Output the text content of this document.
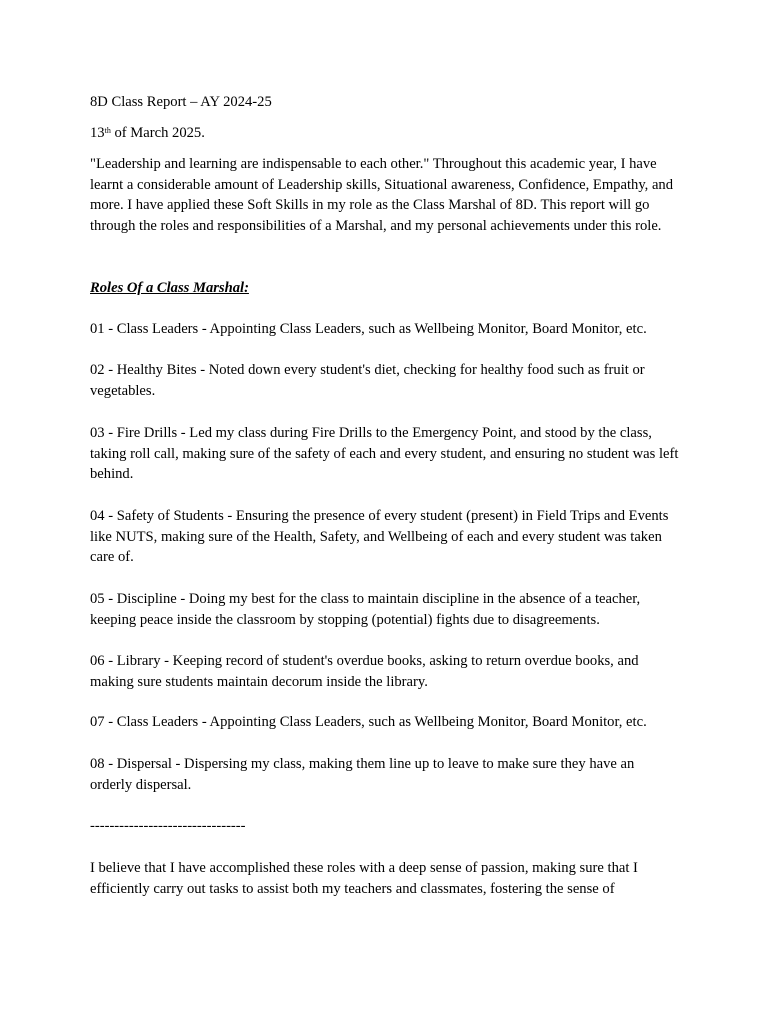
8D Class Report – AY 2024-25

13th of March 2025.

"Leadership and learning are indispensable to each other." Throughout this academic year, I have learnt a considerable amount of Leadership skills, Situational awareness, Confidence, Empathy, and more. I have applied these Soft Skills in my role as the Class Marshal of 8D. This report will go through the roles and responsibilities of a Marshal, and my personal achievements under this role.

Roles Of a Class Marshal:

01 - Class Leaders - Appointing Class Leaders, such as Wellbeing Monitor, Board Monitor, etc.

02 - Healthy Bites - Noted down every student's diet, checking for healthy food such as fruit or vegetables.

03 - Fire Drills - Led my class during Fire Drills to the Emergency Point, and stood by the class, taking roll call, making sure of the safety of each and every student, and ensuring no student was left behind.

04 - Safety of Students - Ensuring the presence of every student (present) in Field Trips and Events like NUTS, making sure of the Health, Safety, and Wellbeing of each and every student was taken care of.

05 - Discipline - Doing my best for the class to maintain discipline in the absence of a teacher, keeping peace inside the classroom by stopping (potential) fights due to disagreements.

06 - Library - Keeping record of student's overdue books, asking to return overdue books, and making sure students maintain decorum inside the library.

07 - Class Leaders - Appointing Class Leaders, such as Wellbeing Monitor, Board Monitor, etc.

08 - Dispersal - Dispersing my class, making them line up to leave to make sure they have an orderly dispersal.

--------------------------------

I believe that I have accomplished these roles with a deep sense of passion, making sure that I efficiently carry out tasks to assist both my teachers and classmates, fostering the sense of
